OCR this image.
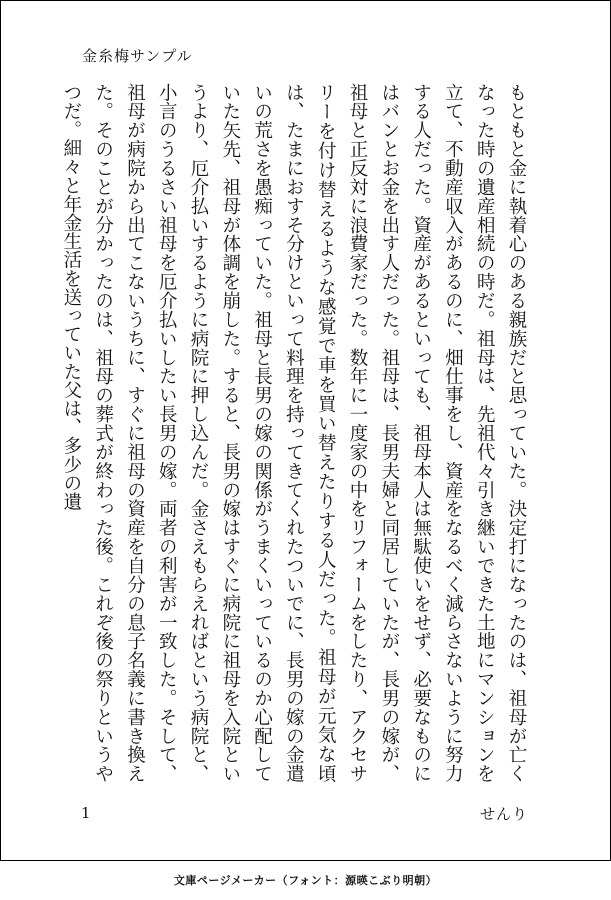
金糸梅サンプル

もともと金に執着心のある親族だと思っていた。決定打になったのは、祖母が亡くなった時の遺産相続の時だ。祖母は、先祖代々引き継いできた土地にマンションを立て、不動産収入があるのに、畑仕事をし、資産をなるべく減らさないように努力する人だった。資産があるといっても、祖母本人は無駄使いをせず、必要なものにはバンとお金を出す人だった。祖母は、長男夫婦と同居していたが、長男の嫁が、祖母と正反対に浪費家だった。数年に一度家の中をリフォームをしたり、アクセサリーを付け替えるような感覚で車を買い替えたりする人だった。祖母が元気な頃は、たまにおすそ分けといって料理を持ってきてくれたついでに、長男の嫁の金遣いの荒さを愚痴っていた。祖母と長男の嫁の関係がうまくいっているのか心配していた矢先、祖母が体調を崩した。すると、長男の嫁はすぐに病院に祖母を入院というより、厄介払いするように病院に押し込んだ。金さえもらえればという病院と、小言のうるさい祖母を厄介払いしたい長男の嫁。両者の利害が一致した。そして、祖母が病院から出てこないうちに、すぐに祖母の資産を自分の息子名義に書き換えた。そのことが分かったのは、祖母の葬式が終わった後。これぞ後の祭りというやつだ。細々と年金生活を送っていた父は、多少の遺

1	せんり

文庫ページメーカー（フォント：源暎こぶり明朝）
